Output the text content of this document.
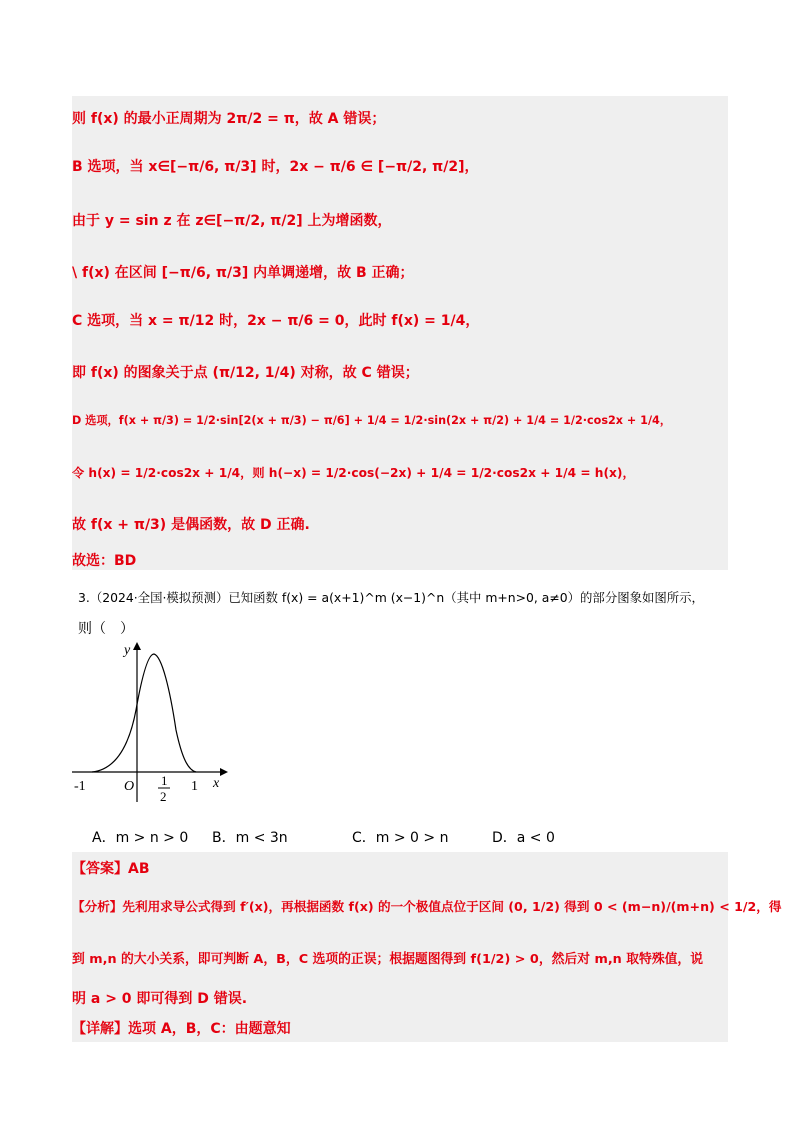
则 f(x) 的最小正周期为 2π/2 = π，故 A 错误；
B 选项，当 x∈[−π/6, π/3] 时，2x − π/6 ∈ [−π/2, π/2]，
由于 y = sin z 在 z∈[−π/2, π/2] 上为增函数，
\ f(x) 在区间 [−π/6, π/3] 内单调递增，故 B 正确；
C 选项，当 x = π/12 时，2x − π/6 = 0，此时 f(x) = 1/4，
即 f(x) 的图象关于点 (π/12, 1/4) 对称，故 C 错误；
D 选项，f(x + π/3) = 1/2·sin[2(x + π/3) − π/6] + 1/4 = 1/2·sin(2x + π/2) + 1/4 = 1/2·cos2x + 1/4，
令 h(x) = 1/2·cos2x + 1/4，则 h(−x) = 1/2·cos(−2x) + 1/4 = 1/2·cos2x + 1/4 = h(x)，
故 f(x + π/3) 是偶函数，故 D 正确.
故选：BD
3.（2024·全国·模拟预测）已知函数 f(x) = a(x+1)^m (x−1)^n（其中 m+n>0, a≠0）的部分图象如图所示，
则（　）
y
x
O
-1	1
1
2
A．m > n > 0 B．m < 3n	C．m > 0 > n	D．a < 0
【答案】AB
【分析】先利用求导公式得到 f′(x)，再根据函数 f(x) 的一个极值点位于区间 (0, 1/2) 得到 0 < (m−n)/(m+n) < 1/2，得
到 m,n 的大小关系，即可判断 A，B，C 选项的正误；根据题图得到 f(1/2) > 0，然后对 m,n 取特殊值，说
明 a > 0 即可得到 D 错误.
【详解】选项 A，B，C：由题意知
